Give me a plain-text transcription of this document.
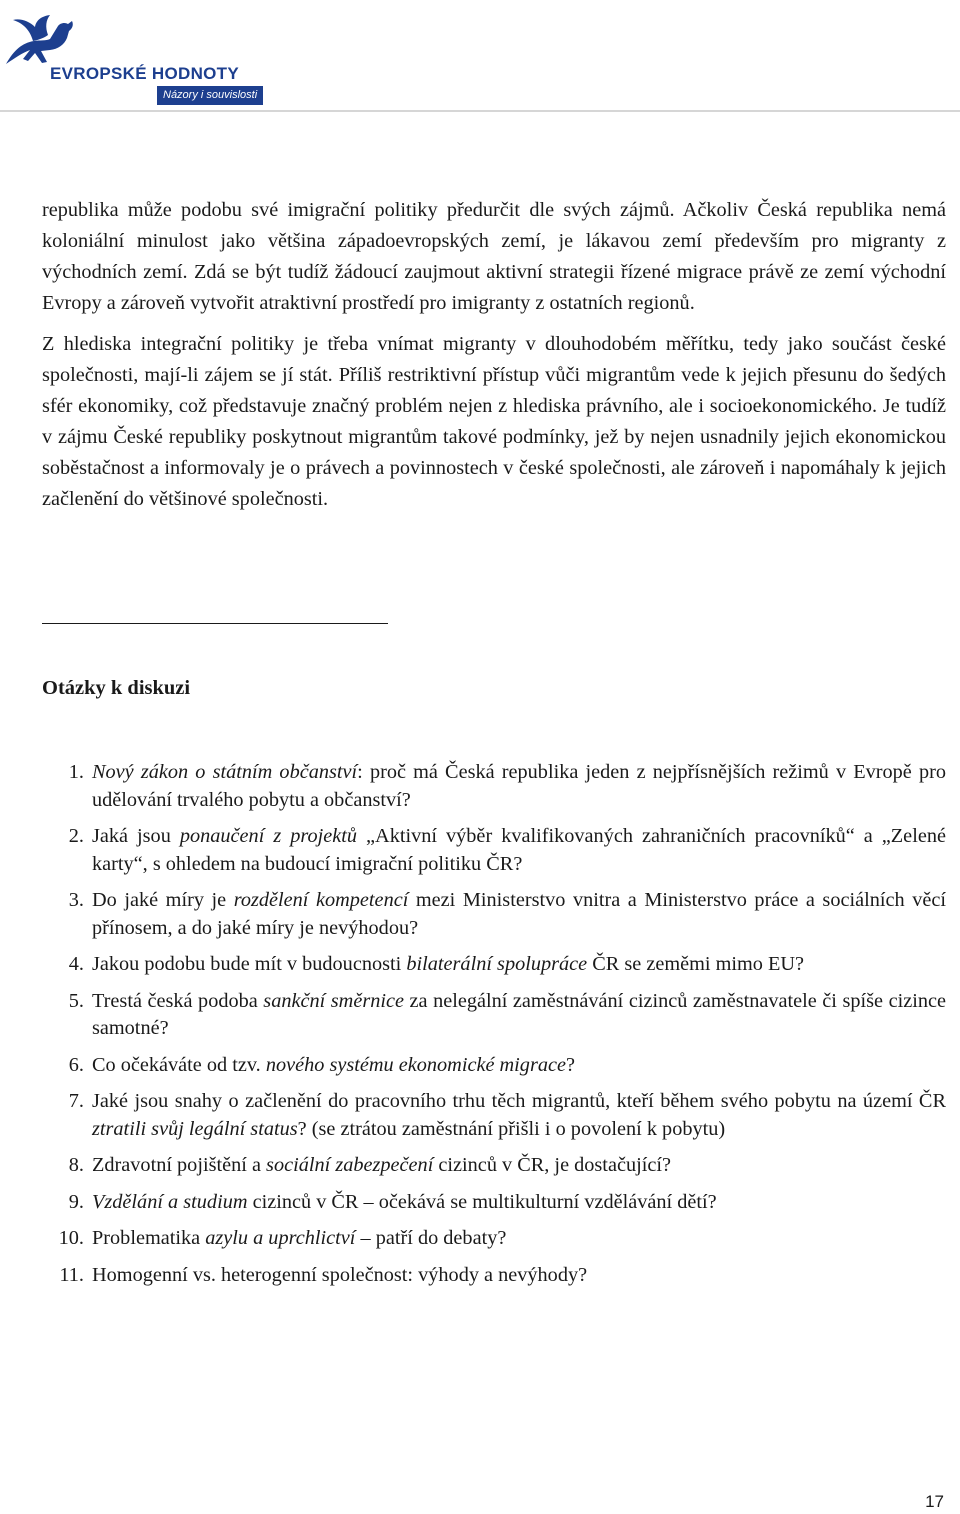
EVROPSKÉ HODNOTY
Názory i souvislosti

republika může podobu své imigrační politiky předurčit dle svých zájmů. Ačkoliv Česká republika nemá koloniální minulost jako většina západoevropských zemí, je lákavou zemí především pro migranty z východních zemí. Zdá se být tudíž žádoucí zaujmout aktivní strategii řízené migrace právě ze zemí východní Evropy a zároveň vytvořit atraktivní prostředí pro imigranty z ostatních regionů.

Z hlediska integrační politiky je třeba vnímat migranty v dlouhodobém měřítku, tedy jako součást české společnosti, mají-li zájem se jí stát. Příliš restriktivní přístup vůči migrantům vede k jejich přesunu do šedých sfér ekonomiky, což představuje značný problém nejen z hlediska právního, ale i socioekonomického. Je tudíž v zájmu České republiky poskytnout migrantům takové podmínky, jež by nejen usnadnily jejich ekonomickou soběstačnost a informovaly je o právech a povinnostech v české společnosti, ale zároveň i napomáhaly k jejich začlenění do většinové společnosti.

Otázky k diskuzi
1. Nový zákon o státním občanství: proč má Česká republika jeden z nejpřísnějších režimů v Evropě pro udělování trvalého pobytu a občanství?
2. Jaká jsou ponaučení z projektů „Aktivní výběr kvalifikovaných zahraničních pracovníků“ a „Zelené karty“, s ohledem na budoucí imigrační politiku ČR?
3. Do jaké míry je rozdělení kompetencí mezi Ministerstvo vnitra a Ministerstvo práce a sociálních věcí přínosem, a do jaké míry je nevýhodou?
4. Jakou podobu bude mít v budoucnosti bilaterální spolupráce ČR se zeměmi mimo EU?
5. Trestá česká podoba sankční směrnice za nelegální zaměstnávání cizinců zaměstnavatele či spíše cizince samotné?
6. Co očekáváte od tzv. nového systému ekonomické migrace?
7. Jaké jsou snahy o začlenění do pracovního trhu těch migrantů, kteří během svého pobytu na území ČR ztratili svůj legální status? (se ztrátou zaměstnání přišli i o povolení k pobytu)
8. Zdravotní pojištění a sociální zabezpečení cizinců v ČR, je dostačující?
9. Vzdělání a studium cizinců v ČR – očekává se multikulturní vzdělávání dětí?
10. Problematika azylu a uprchlictví – patří do debaty?
11. Homogenní vs. heterogenní společnost: výhody a nevýhody?
17
